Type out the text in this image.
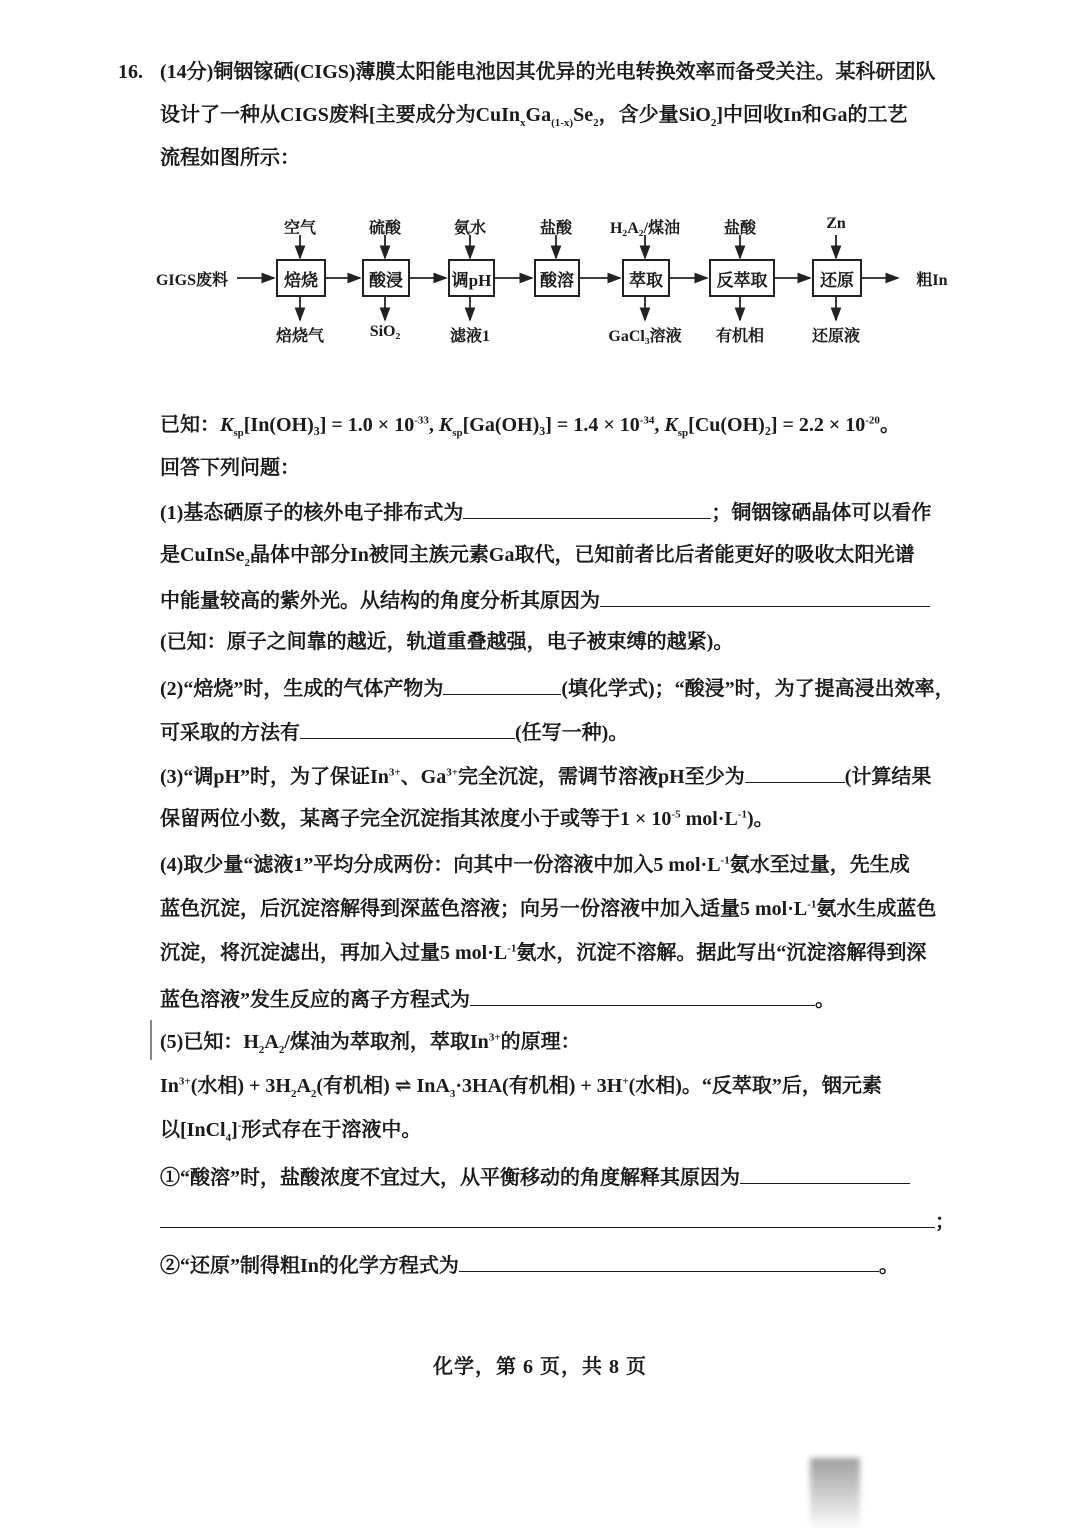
16. (14分)铜铟镓硒(CIGS)薄膜太阳能电池因其优异的光电转换效率而备受关注。某科研团队
设计了一种从CIGS废料[主要成分为$CuIn_xGa_{(1-x)}Se_2$，含少量SiO$_2$]中回收In和Ga的工艺
流程如图所示：
GIGS废料	粗In
焙烧	酸浸	调pH	酸溶	萃取	反萃取	还原
空气	硫酸	氨水	盐酸 H₂A₂/煤油	盐酸	Zn
焙烧气	SiO₂	滤液1	GaCl₃溶液 有机相	还原液
已知：$K_{sp}[In(OH)_3] = 1.0 \times 10^{-33}$, $K_{sp}[Ga(OH)_3] = 1.4 \times 10^{-34}$, $K_{sp}[Cu(OH)_2] = 2.2 \times 10^{-20}$。
回答下列问题：
(1)基态硒原子的核外电子排布式为	；铜铟镓硒晶体可以看作
是CuInSe$_2$晶体中部分In被同主族元素Ga取代，已知前者比后者能更好的吸收太阳光谱
中能量较高的紫外光。从结构的角度分析其原因为
(已知：原子之间靠的越近，轨道重叠越强，电子被束缚的越紧)。
(2)“焙烧”时，生成的气体产物为	(填化学式)；“酸浸”时，为了提高浸出效率，
可采取的方法有	(任写一种)。
(3)“调pH”时，为了保证$In^{3+}$、$Ga^{3+}$完全沉淀，需调节溶液pH至少为	(计算结果
保留两位小数，某离子完全沉淀指其浓度小于或等于$1 \times 10^{-5}$ $mol\cdot L^{-1}$)。
(4)取少量“滤液1”平均分成两份：向其中一份溶液中加入5 $mol\cdot L^{-1}$氨水至过量，先生成
蓝色沉淀，后沉淀溶解得到深蓝色溶液；向另一份溶液中加入适量5 $mol\cdot L^{-1}$氨水生成蓝色
沉淀，将沉淀滤出，再加入过量5 $mol\cdot L^{-1}$氨水，沉淀不溶解。据此写出“沉淀溶解得到深
蓝色溶液”发生反应的离子方程式为	。
(5)已知：$H_2A_2/$煤油为萃取剂，萃取$In^{3+}$的原理：
$In^{3+}$(水相) + $3H_2A_2$(有机相) ⇌ InA$_3$·3HA(有机相) + 3H+(水相)。“反萃取”后，铟元素
以[InCl$_4$]-形式存在于溶液中。
①“酸溶”时，盐酸浓度不宜过大，从平衡移动的角度解释其原因为
；
②“还原”制得粗In的化学方程式为	。
化学，第 6 页，共 8 页
